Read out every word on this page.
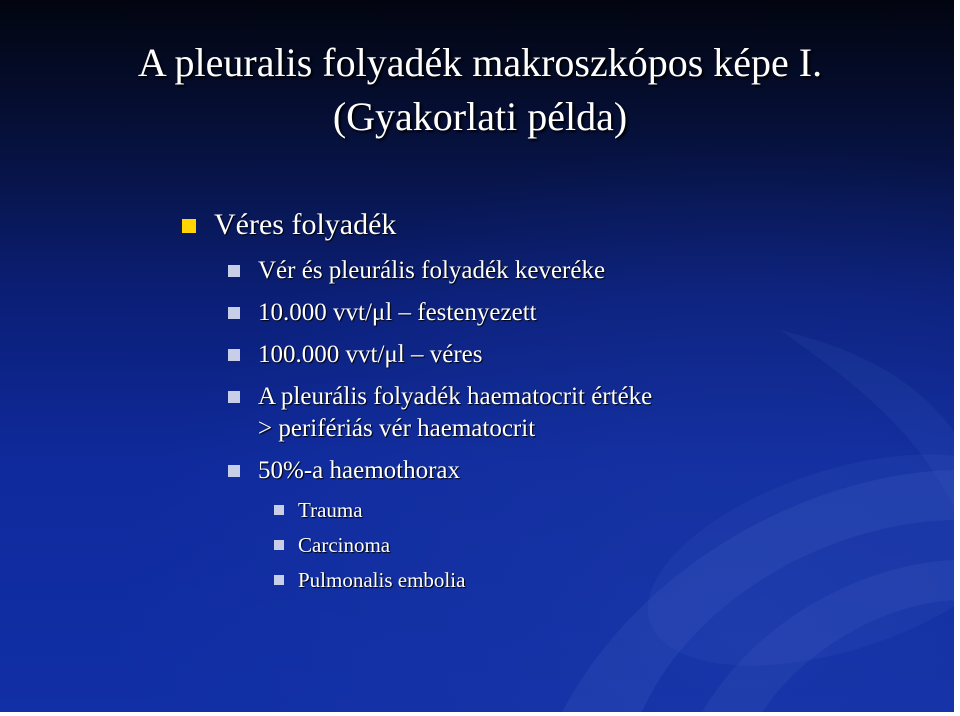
A pleuralis folyadék makroszkópos képe I.
(Gyakorlati példa)
Véres folyadék
Vér és pleurális folyadék keveréke
10.000 vvt/μl – festenyezett
100.000 vvt/μl – véres
A pleurális folyadék haematocrit értéke
> perifériás vér haematocrit
50%-a haemothorax
Trauma
Carcinoma
Pulmonalis embolia
